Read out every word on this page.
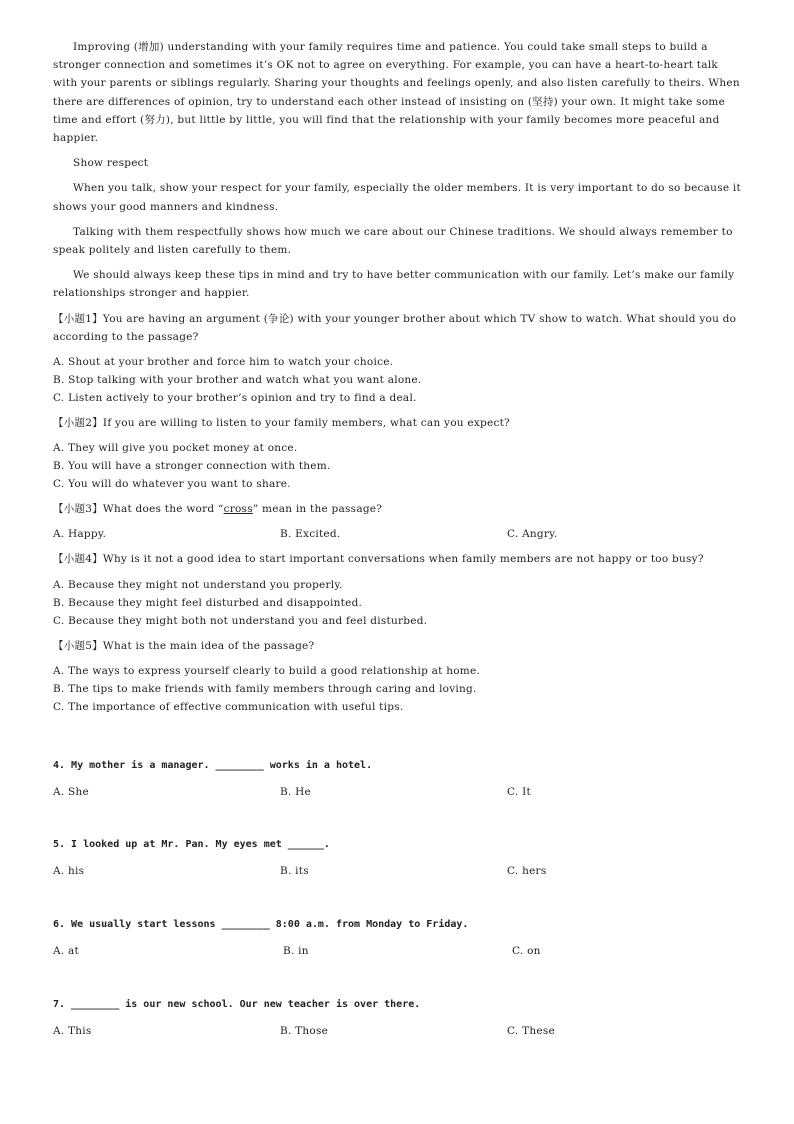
Improving (增加) understanding with your family requires time and patience. You could take small steps to build a stronger connection and sometimes it’s OK not to agree on everything. For example, you can have a heart-to-heart talk with your parents or siblings regularly. Sharing your thoughts and feelings openly, and also listen carefully to theirs. When there are differences of opinion, try to understand each other instead of insisting on (坚持) your own. It might take some time and effort (努力), but little by little, you will find that the relationship with your family becomes more peaceful and happier.

Show respect

When you talk, show your respect for your family, especially the older members. It is very important to do so because it shows your good manners and kindness.

Talking with them respectfully shows how much we care about our Chinese traditions. We should always remember to speak politely and listen carefully to them.

We should always keep these tips in mind and try to have better communication with our family. Let’s make our family relationships stronger and happier.

【小题1】You are having an argument (争论) with your younger brother about which TV show to watch. What should you do according to the passage?

A. Shout at your brother and force him to watch your choice.

B. Stop talking with your brother and watch what you want alone.

C. Listen actively to your brother’s opinion and try to find a deal.

【小题2】If you are willing to listen to your family members, what can you expect?

A. They will give you pocket money at once.

B. You will have a stronger connection with them.

C. You will do whatever you want to share.

【小题3】What does the word “cross” mean in the passage?

A. Happy.	B. Excited.	C. Angry.

【小题4】Why is it not a good idea to start important conversations when family members are not happy or too busy?

A. Because they might not understand you properly.

B. Because they might feel disturbed and disappointed.

C. Because they might both not understand you and feel disturbed.

【小题5】What is the main idea of the passage?

A. The ways to express yourself clearly to build a good relationship at home.

B. The tips to make friends with family members through caring and loving.

C. The importance of effective communication with useful tips.

4. My mother is a manager. ________ works in a hotel.

A. She	B. He	C. It

5. I looked up at Mr. Pan. My eyes met ______.

A. his	B. its	C. hers

6. We usually start lessons ________ 8:00 a.m. from Monday to Friday.

A. at	B. in	C. on

7. ________ is our new school. Our new teacher is over there.

A. This	B. Those	C. These
